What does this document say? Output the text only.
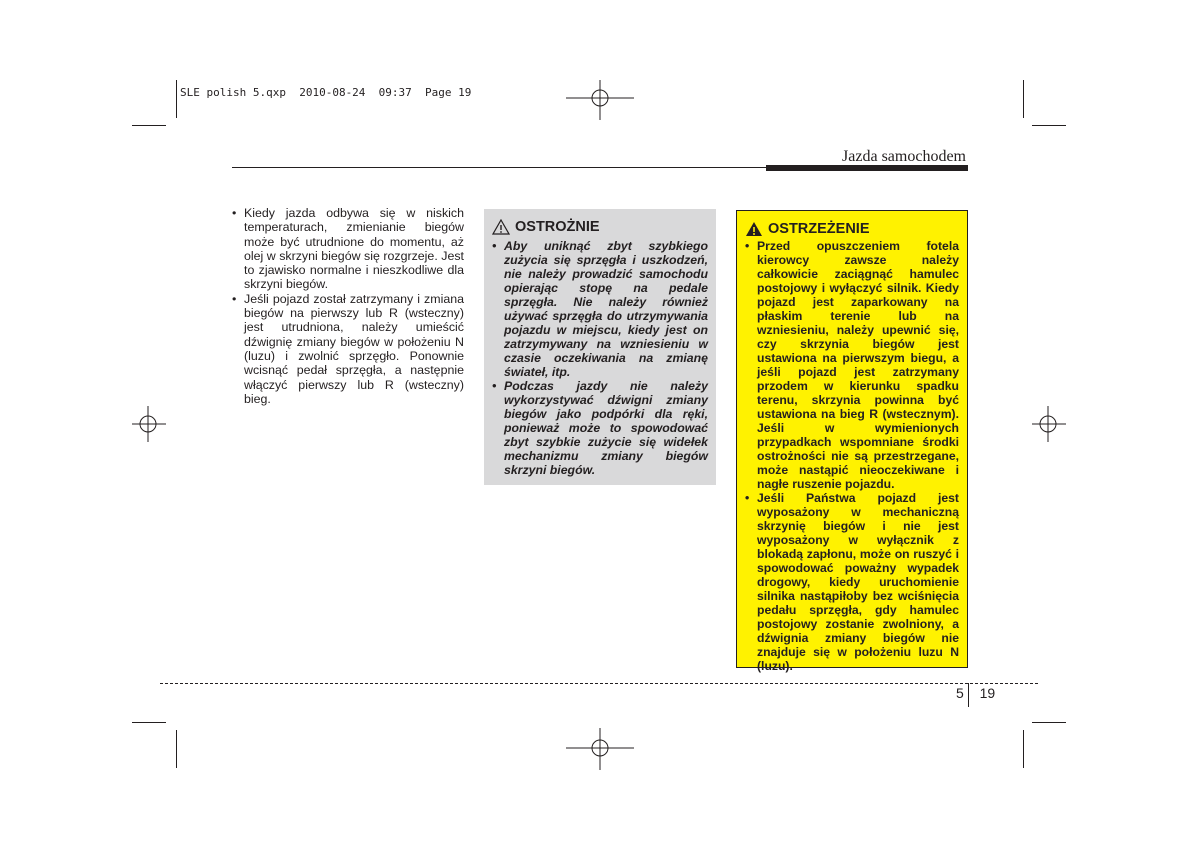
SLE polish 5.qxp  2010-08-24  09:37  Page 19
Jazda samochodem
• Kiedy jazda odbywa się w niskich temperaturach, zmienianie biegów może być utrudnione do momentu, aż olej w skrzyni biegów się rozgrzeje. Jest to zjawisko normalne i nieszkodliwe dla skrzyni biegów.
• Jeśli pojazd został zatrzymany i zmiana biegów na pierwszy lub R (wsteczny) jest utrudniona, należy umieścić dźwignię zmiany biegów w położeniu N (luzu) i zwolnić sprzęgło. Ponownie wcisnąć pedał sprzęgła, a następnie włączyć pierwszy lub R (wsteczny) bieg.
OSTROŻNIE
• Aby uniknąć zbyt szybkiego zużycia się sprzęgła i uszkodzeń, nie należy prowadzić samochodu opierając stopę na pedale sprzęgła. Nie należy również używać sprzęgła do utrzymywania pojazdu w miejscu, kiedy jest on zatrzymywany na wzniesieniu w czasie oczekiwania na zmianę świateł, itp.
• Podczas jazdy nie należy wykorzystywać dźwigni zmiany biegów jako podpórki dla ręki, ponieważ może to spowodować zbyt szybkie zużycie się widełek mechanizmu zmiany biegów skrzyni biegów.
OSTRZEŻENIE
• Przed opuszczeniem fotela kierowcy zawsze należy całkowicie zaciągnąć hamulec postojowy i wyłączyć silnik. Kiedy pojazd jest zaparkowany na płaskim terenie lub na wzniesieniu, należy upewnić się, czy skrzynia biegów jest ustawiona na pierwszym biegu, a jeśli pojazd jest zatrzymany przodem w kierunku spadku terenu, skrzynia powinna być ustawiona na bieg R (wstecznym). Jeśli w wymienionych przypadkach wspomniane środki ostrożności nie są przestrzegane, może nastąpić nieoczekiwane i nagłe ruszenie pojazdu.
• Jeśli Państwa pojazd jest wyposażony w mechaniczną skrzynię biegów i nie jest wyposażony w wyłącznik z blokadą zapłonu, może on ruszyć i spowodować poważny wypadek drogowy, kiedy uruchomienie silnika nastąpiłoby bez wciśnięcia pedału sprzęgła, gdy hamulec postojowy zostanie zwolniony, a dźwignia zmiany biegów nie znajduje się w położeniu luzu N (luzu).
5 19
